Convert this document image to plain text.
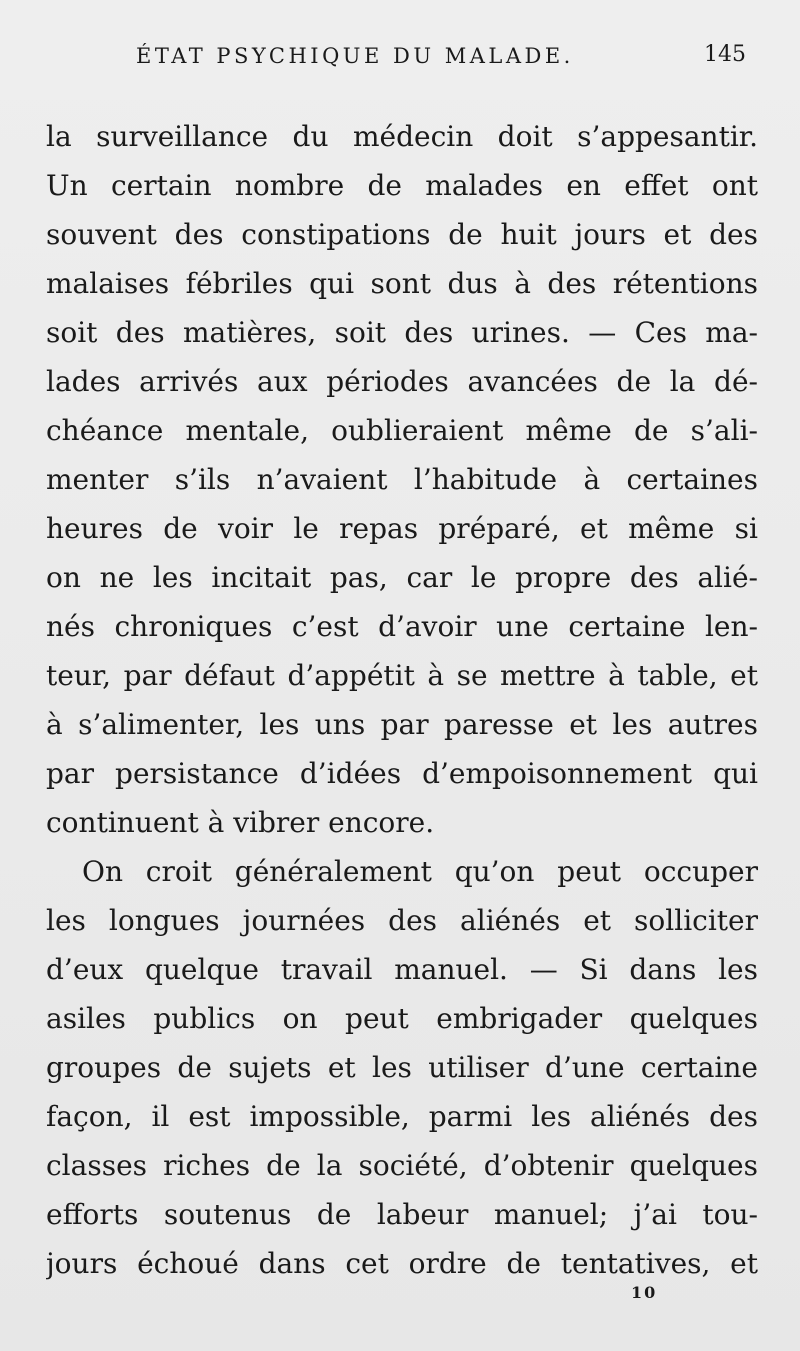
ÉTAT PSYCHIQUE DU MALADE.	145
la surveillance du médecin doit s’appesantir.
Un certain nombre de malades en effet ont
souvent des constipations de huit jours et des
malaises fébriles qui sont dus à des rétentions
soit des matières, soit des urines. — Ces ma-
lades arrivés aux périodes avancées de la dé-
chéance mentale, oublieraient même de s’ali-
menter s’ils n’avaient l’habitude à certaines
heures de voir le repas préparé, et même si
on ne les incitait pas, car le propre des alié-
nés chroniques c’est d’avoir une certaine len-
teur, par défaut d’appétit à se mettre à table, et
à s’alimenter, les uns par paresse et les autres
par persistance d’idées d’empoisonnement qui
continuent à vibrer encore.
On croit généralement qu’on peut occuper
les longues journées des aliénés et solliciter
d’eux quelque travail manuel. — Si dans les
asiles publics on peut embrigader quelques
groupes de sujets et les utiliser d’une certaine
façon, il est impossible, parmi les aliénés des
classes riches de la société, d’obtenir quelques
efforts soutenus de labeur manuel; j’ai tou-
jours échoué dans cet ordre de tentatives, et
10
